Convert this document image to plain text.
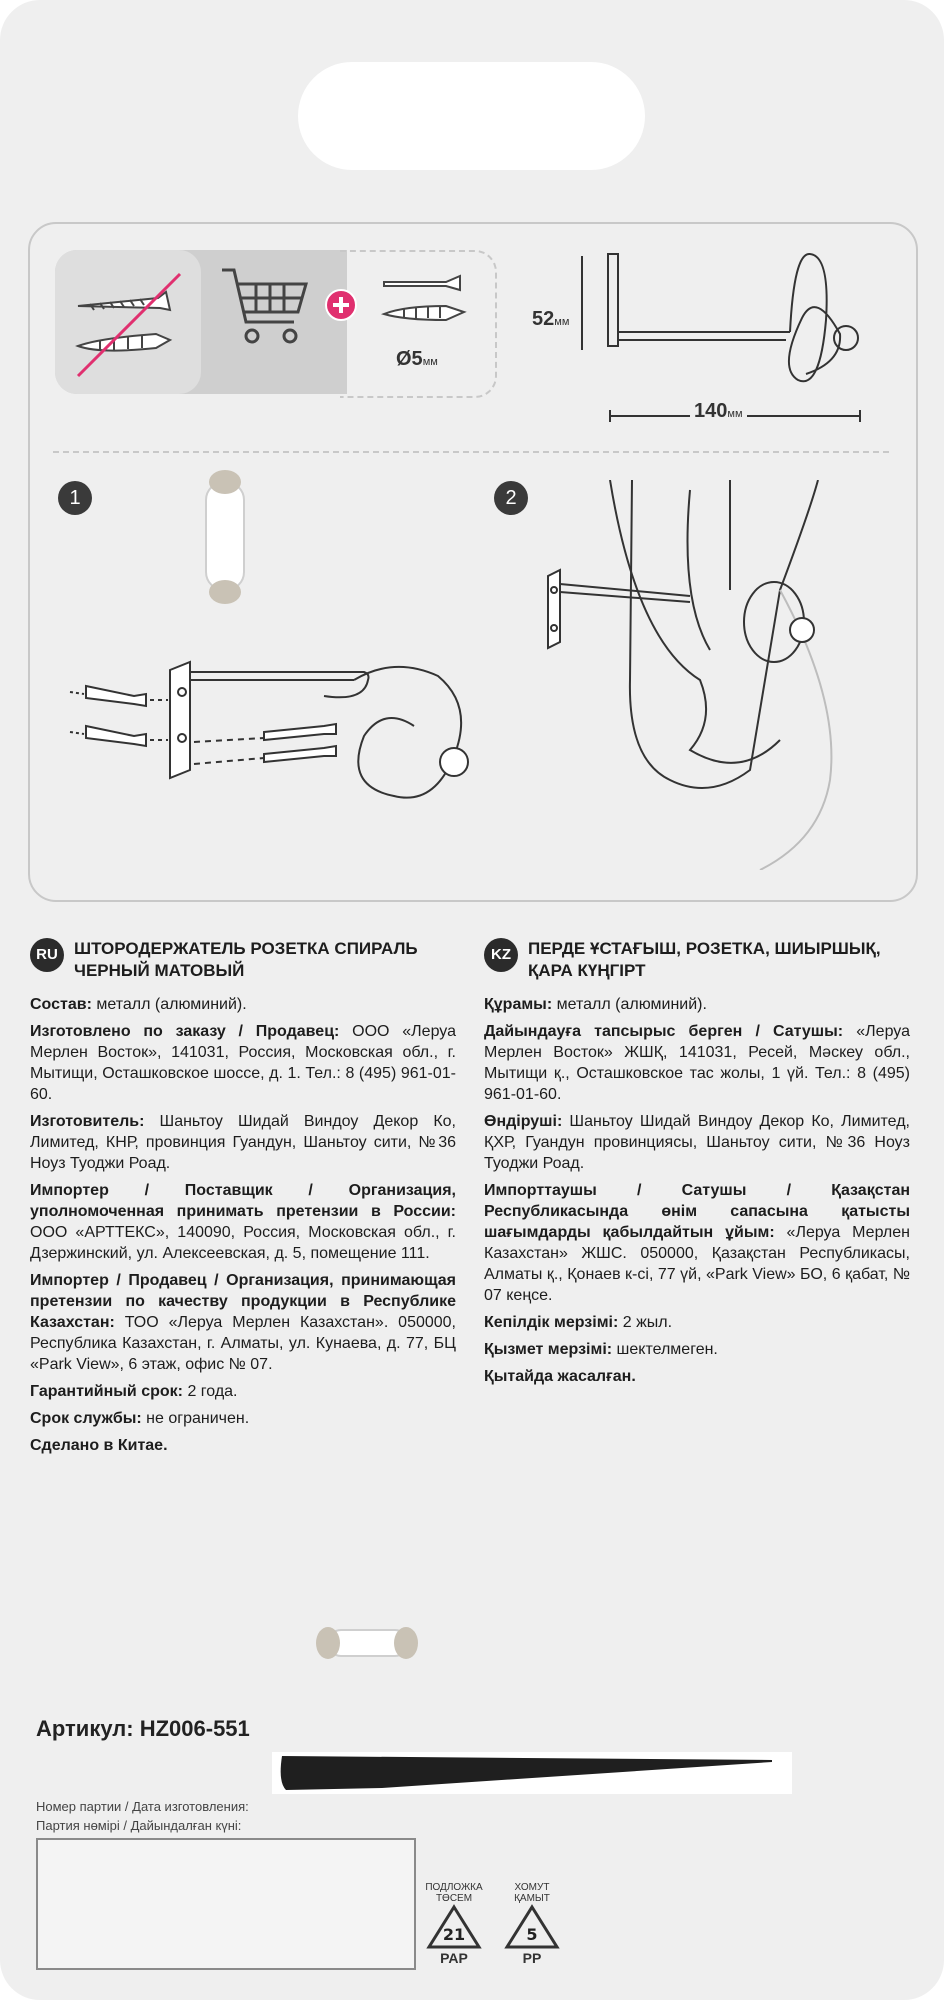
Ø5мм
52мм
140мм
1	2
RU ШТОРОДЕРЖАТЕЛЬ РОЗЕТКА СПИРАЛЬ ЧЕРНЫЙ МАТОВЫЙ

Состав: металл (алюминий).

Изготовлено по заказу / Продавец: ООО «Леруа Мерлен Восток», 141031, Россия, Московская обл., г. Мытищи, Осташковское шоссе, д. 1. Тел.: 8 (495) 961-01-60.

Изготовитель: Шаньтоу Шидай Виндоу Декор Ко, Лимитед, КНР, провинция Гуандун, Шаньтоу сити, №36 Ноуз Туоджи Роад.

Импортер / Поставщик / Организация, уполномоченная принимать претензии в России: ООО «АРТТЕКС», 140090, Россия, Московская обл., г. Дзержинский, ул. Алексеевская, д. 5, помещение 111.

Импортер / Продавец / Организация, принимающая претензии по качеству продукции в Республике Казахстан: ТОО «Леруа Мерлен Казахстан». 050000, Республика Казахстан, г. Алматы, ул. Кунаева, д. 77, БЦ «Park View», 6 этаж, офис № 07.

Гарантийный срок: 2 года.

Срок службы: не ограничен.

Сделано в Китае.

KZ	ПЕРДЕ ҰСТАҒЫШ, РОЗЕТКА, ШИЫРШЫҚ, ҚАРА КҮҢГІРТ

Құрамы: металл (алюминий).

Дайындауға тапсырыс берген / Сатушы: «Леруа Мерлен Восток» ЖШҚ, 141031, Ресей, Мәскеу обл., Мытищи қ., Осташковское тас жолы, 1 үй. Тел.: 8 (495) 961-01-60.

Өндіруші: Шаньтоу Шидай Виндоу Декор Ко, Лимитед, ҚХР, Гуандун провинциясы, Шаньтоу сити, №36 Ноуз Туоджи Роад.

Импорттаушы / Сатушы / Қазақстан Республикасында өнім сапасына қатысты шағымдарды қабылдайтын ұйым: «Леруа Мерлен Казахстан» ЖШС. 050000, Қазақстан Республикасы, Алматы қ., Қонаев к-сі, 77 үй, «Park View» БО, 6 қабат, № 07 кеңсе.

Кепілдік мерзімі: 2 жыл.

Қызмет мерзімі: шектелмеген.

Қытайда жасалған.

Артикул: HZ006-551
Номер партии / Дата изготовления:
Партия нөмірі / Дайындалған күні:
ПОДЛОЖКА
ТӨСЕМ
21
PAP
ХОМУТ
ҚАМЫТ
5
PP
